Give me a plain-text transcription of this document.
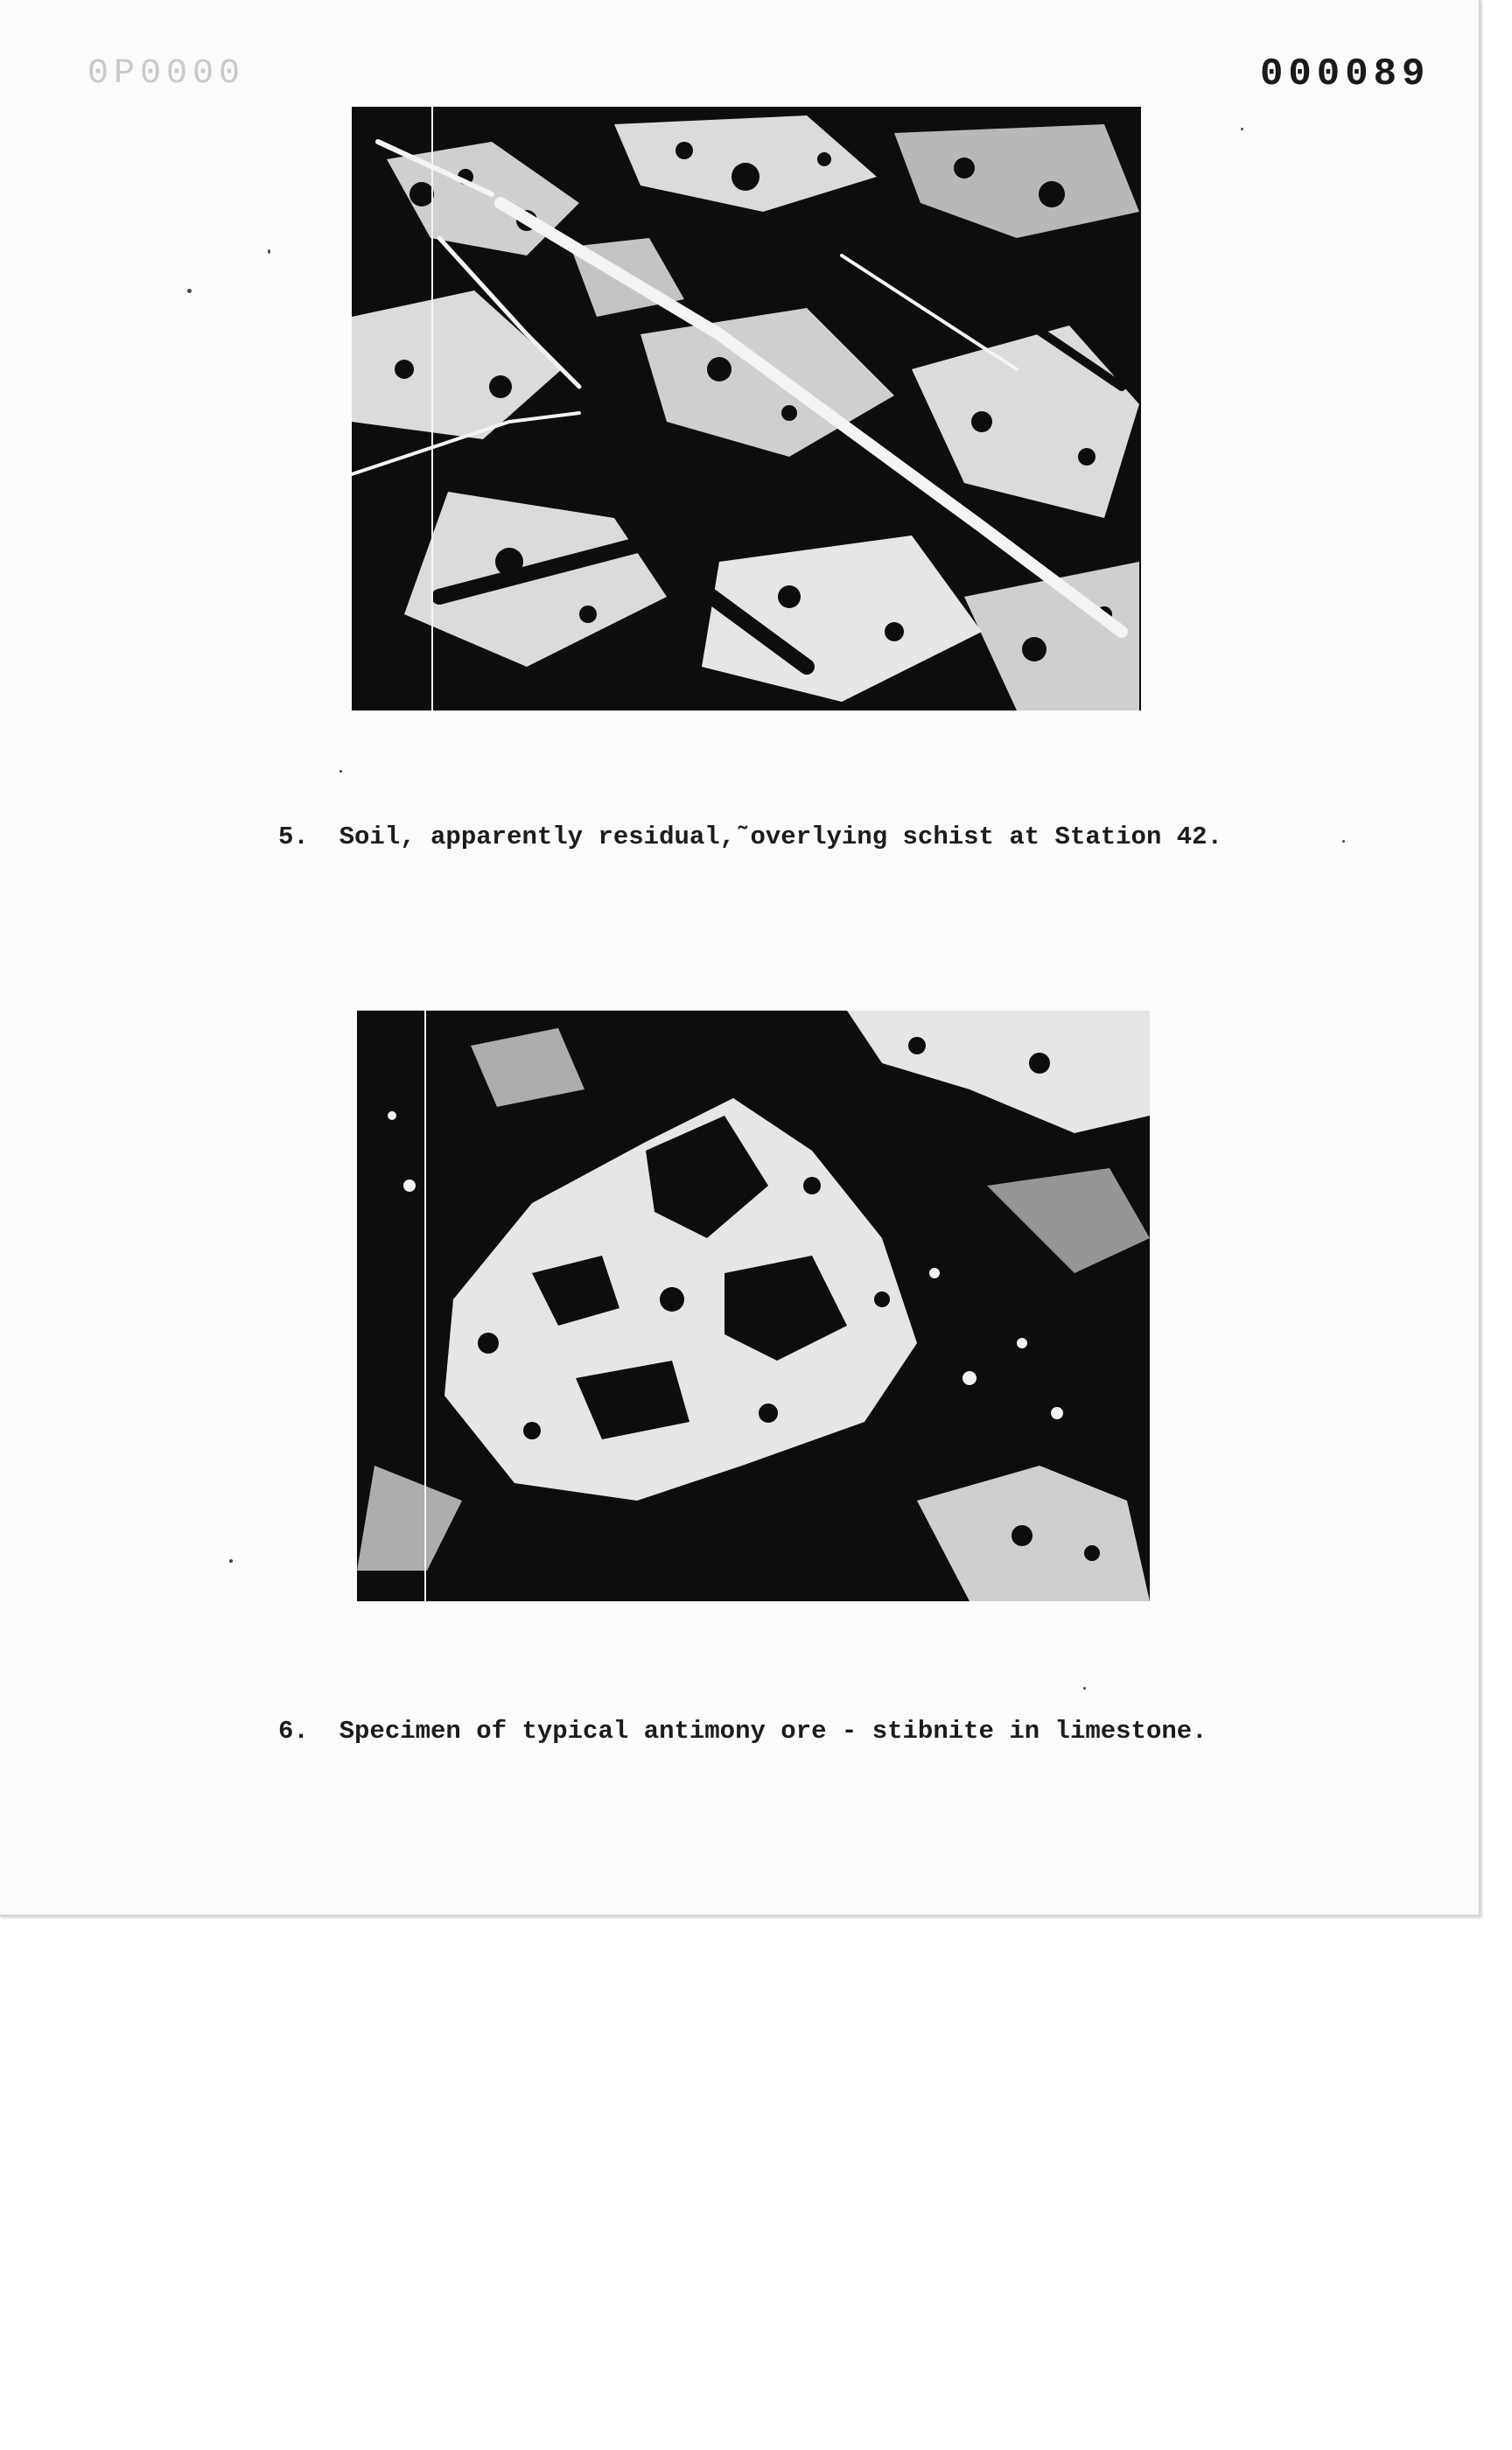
0P0000	000089
5.  Soil, apparently residual,˜overlying schist at Station 42.
6.  Specimen of typical antimony ore - stibnite in limestone.
